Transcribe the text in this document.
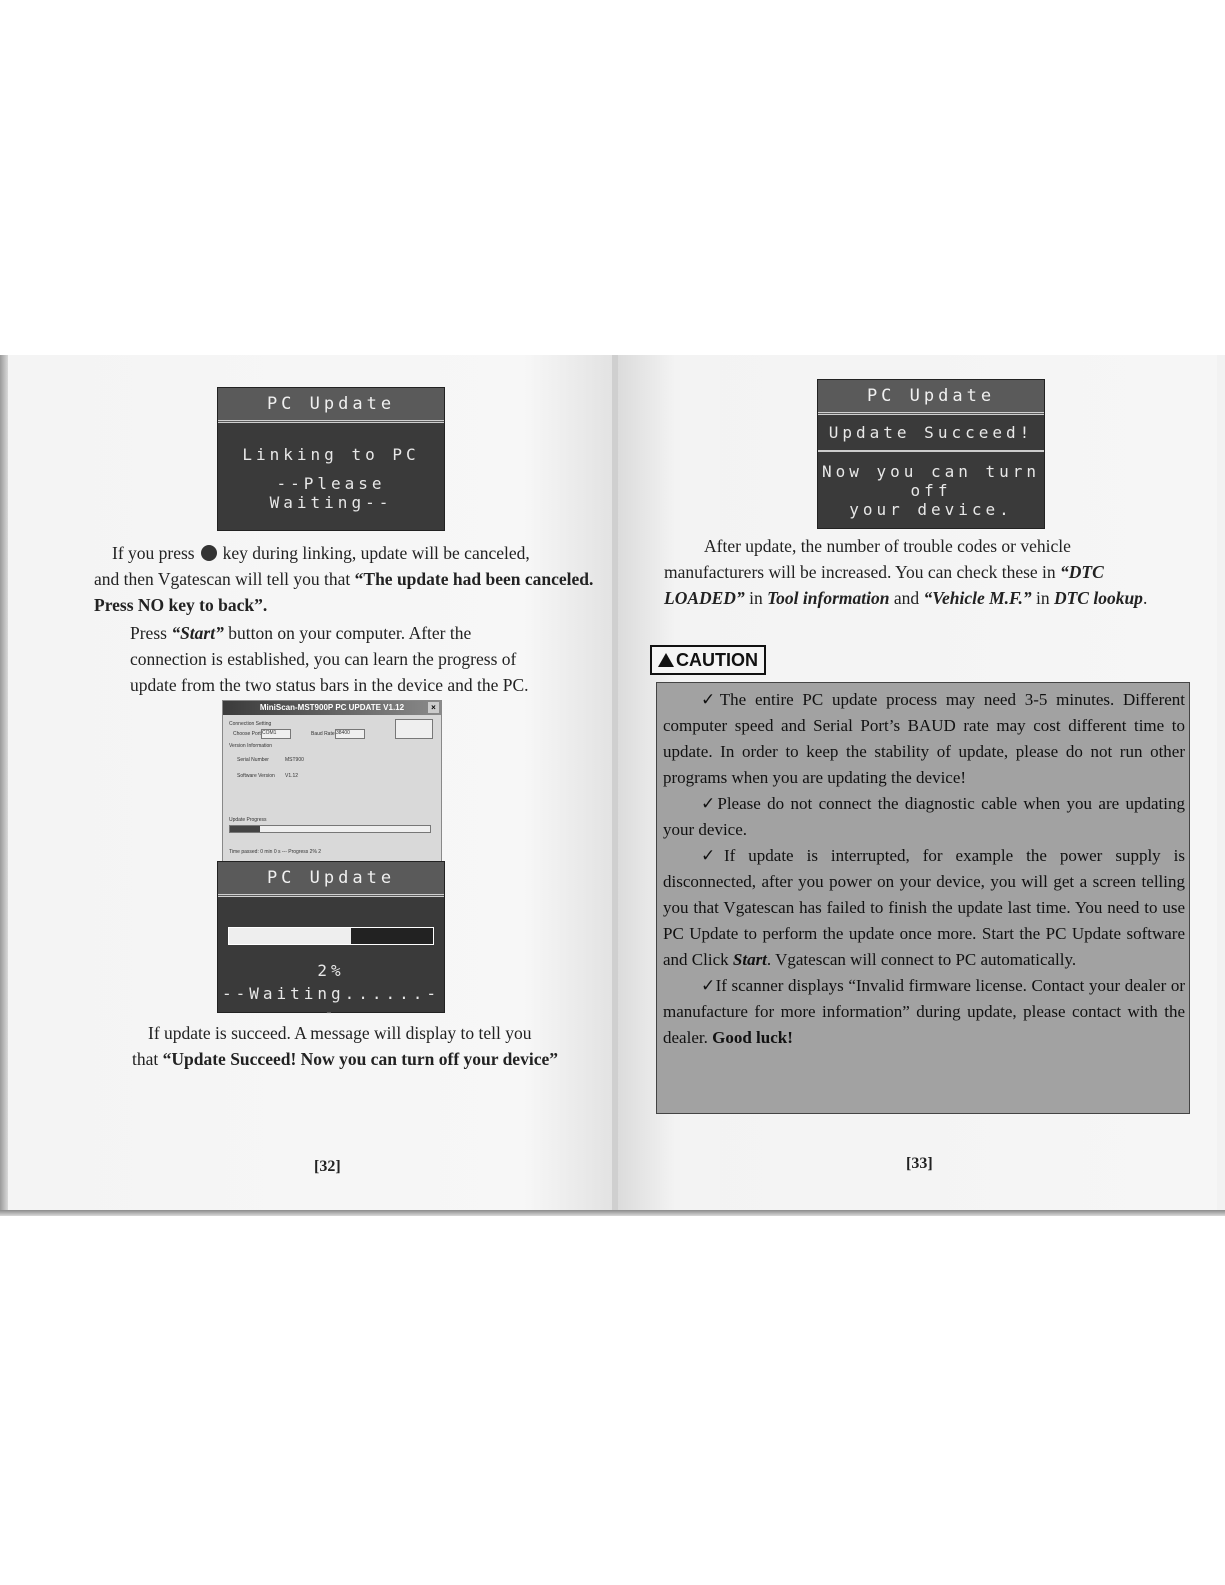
PC Update
Linking to PC
--Please Waiting--
If you press key during linking, update will be canceled,
and then Vgatescan will tell you that “The update had been canceled. Press NO key to back”.
Press “Start” button on your computer. After the
connection is established, you can learn the progress of
update from the two status bars in the device and the PC.
MiniScan-MST900P PC UPDATE V1.12	×
Connection Setting
Choose Port COM1	Baud Rate 38400
Version Information
Serial Number	MST900
Software Version V1.12
Update Progress
Time passed: 0 min 0 s --- Progress 2% 2
PC Update
2%
--Waiting......--
If update is succeed. A message will display to tell you
that “Update Succeed! Now you can turn off your device”
[32]
PC Update
Update Succeed!
Now you can turn off
your device.
After update, the number of trouble codes or vehicle
manufacturers will be increased. You can check these in “DTC LOADED” in Tool information and “Vehicle M.F.” in DTC lookup.
CAUTION

✓The entire PC update process may need 3-5 minutes. Different computer speed and Serial Port’s BAUD rate may cost different time to update. In order to keep the stability of update, please do not run other programs when you are updating the device!

✓Please do not connect the diagnostic cable when you are updating your device.

✓If update is interrupted, for example the power supply is disconnected, after you power on your device, you will get a screen telling you that Vgatescan has failed to finish the update last time. You need to use PC Update to perform the update once more. Start the PC Update software and Click Start. Vgatescan will connect to PC automatically.

✓If scanner displays “Invalid firmware license. Contact your dealer or manufacture for more information” during update, please contact with the dealer. Good luck!

[33]
